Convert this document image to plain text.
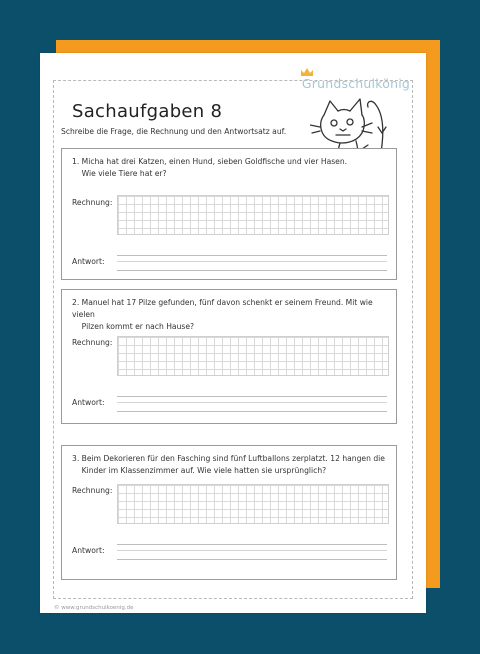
Grundschulkönig
Sachaufgaben 8
Schreibe die Frage, die Rechnung und den Antwortsatz auf.
1. Micha hat drei Katzen, einen Hund, sieben Goldfische und vier Hasen.
Wie viele Tiere hat er?
Rechnung:
Antwort:
2. Manuel hat 17 Pilze gefunden, fünf davon schenkt er seinem Freund. Mit wie vielen
Pilzen kommt er nach Hause?
Rechnung:
Antwort:
3. Beim Dekorieren für den Fasching sind fünf Luftballons zerplatzt. 12 hangen die
Kinder im Klassenzimmer auf. Wie viele hatten sie ursprünglich?
Rechnung:
Antwort:
© www.grundschulkoenig.de
